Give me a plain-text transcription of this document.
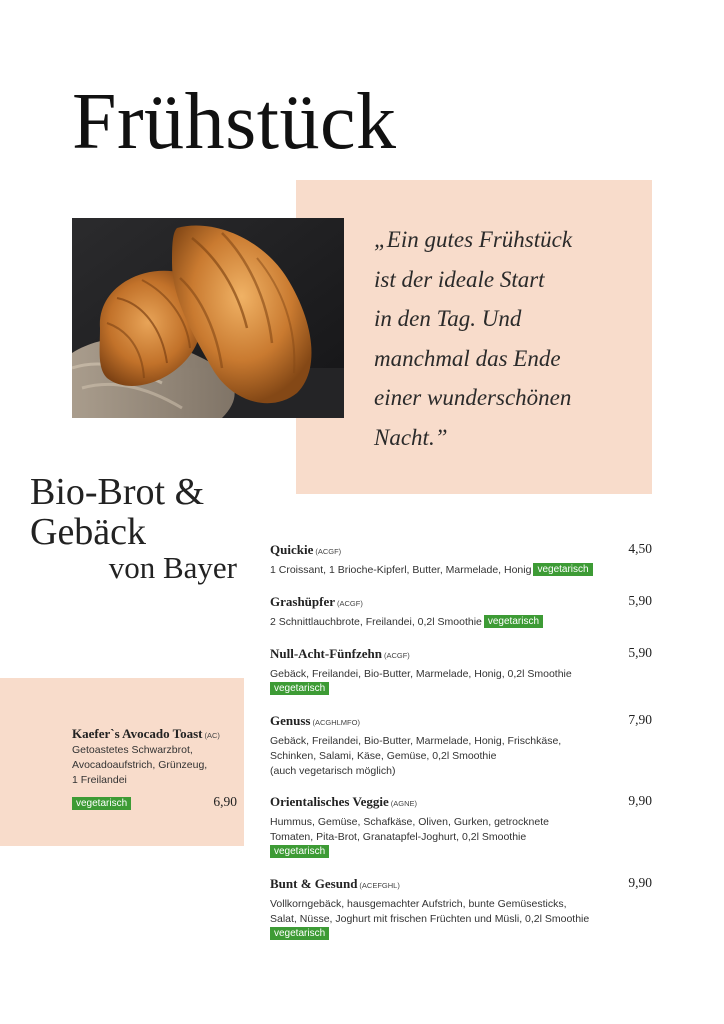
Frühstück
„Ein gutes Frühstück
ist der ideale Start
in den Tag. Und
manchmal das Ende
einer wunderschönen
Nacht.”
Bio-Brot &
Gebäck
von Bayer
Kaefer`s Avocado Toast (AC)
Getoastetes Schwarzbrot,
Avocadoaufstrich, Grünzeug,
1 Freilandei
vegetarisch	6,90
Quickie (ACGF)	4,50
1 Croissant, 1 Brioche-Kipferl, Butter, Marmelade, Honig vegetarisch
Grashüpfer (ACGF)	5,90
2 Schnittlauchbrote, Freilandei, 0,2l Smoothie vegetarisch
Null-Acht-Fünfzehn (ACGF)	5,90
Gebäck, Freilandei, Bio-Butter, Marmelade, Honig, 0,2l Smoothie
vegetarisch
Genuss (ACGHLMFO)	7,90
Gebäck, Freilandei, Bio-Butter, Marmelade, Honig, Frischkäse,
Schinken, Salami, Käse, Gemüse, 0,2l Smoothie
(auch vegetarisch möglich)
Orientalisches Veggie (AGNE)	9,90
Hummus, Gemüse, Schafkäse, Oliven, Gurken, getrocknete
Tomaten, Pita-Brot, Granatapfel-Joghurt, 0,2l Smoothie
vegetarisch
Bunt & Gesund (ACEFGHL)	9,90
Vollkorngebäck, hausgemachter Aufstrich, bunte Gemüsesticks,
Salat, Nüsse, Joghurt mit frischen Früchten und Müsli, 0,2l Smoothie
vegetarisch
